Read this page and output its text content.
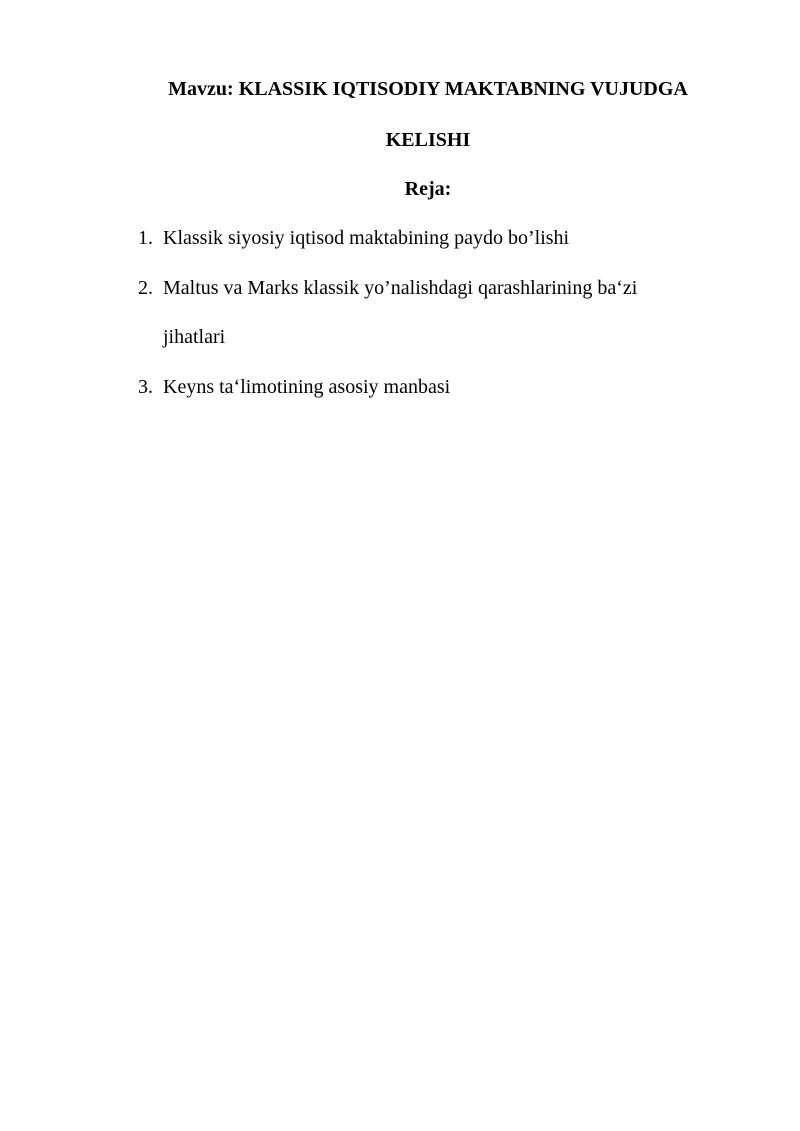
Mavzu: KLASSIK IQTISODIY MAKTABNING VUJUDGA
KELISHI
Reja:
1. Klassik siyosiy iqtisod maktabining paydo bo’lishi
2. Maltus va Marks klassik yo’nalishdagi qarashlarining ba‘zi
jihatlari
3. Keyns ta‘limotining asosiy manbasi
